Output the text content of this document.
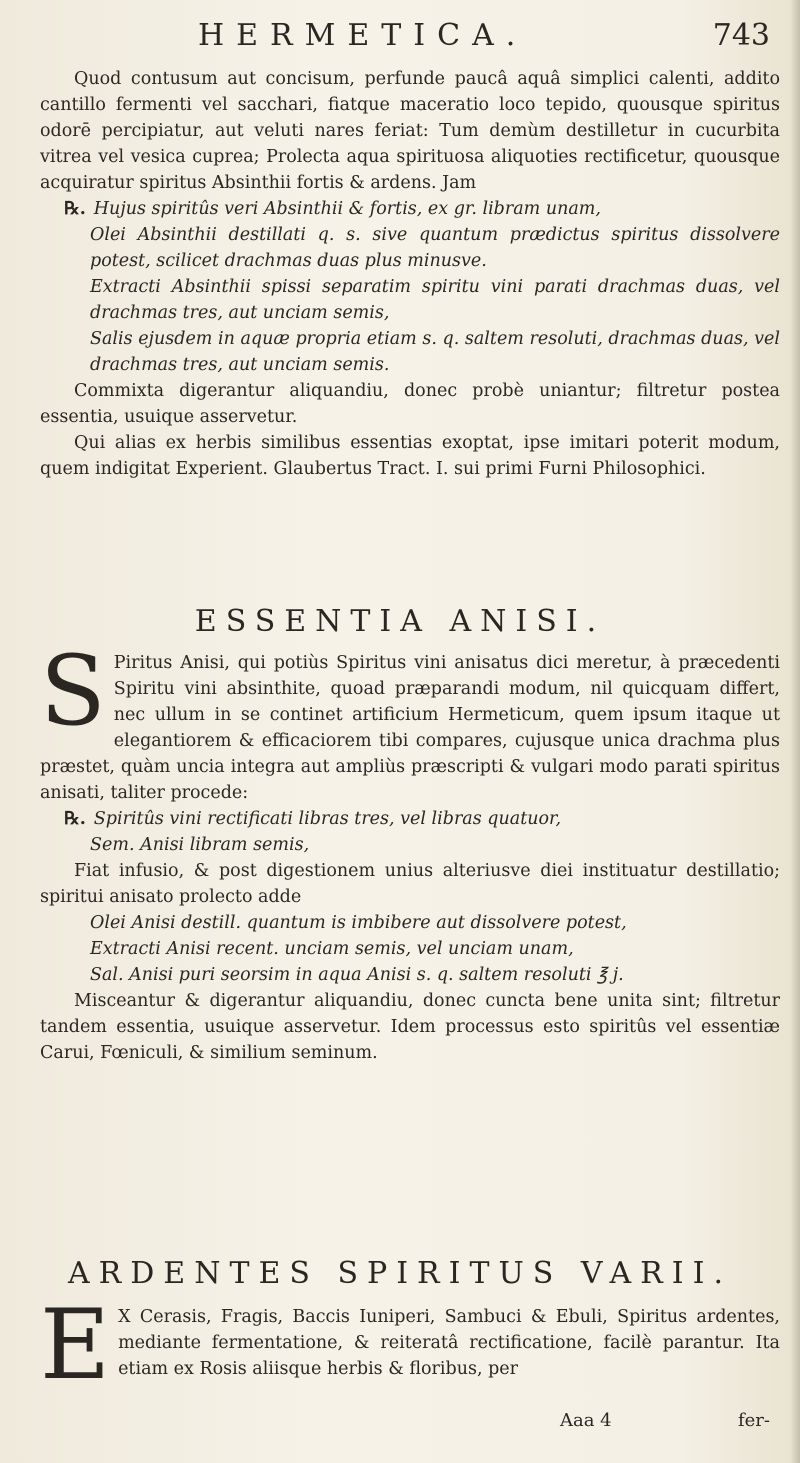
HERMETICA.	743

Quod contusum aut concisum, perfunde paucâ aquâ simplici calenti, addito cantillo fermenti vel sacchari, fiatque maceratio loco tepido, quousque spiritus odorē percipiatur, aut veluti nares feriat: Tum demùm destilletur in cucurbita vitrea vel vesica cuprea; Prolecta aqua spirituosa aliquoties rectificetur, quousque acquiratur spiritus Absinthii fortis & ardens. Jam

℞. Hujus spiritûs veri Absinthii & fortis, ex gr. libram unam,
Olei Absinthii destillati q. s. sive quantum prædictus spiritus dissolvere potest, scilicet drachmas duas plus minusve.
Extracti Absinthii spissi separatim spiritu vini parati drachmas duas, vel drachmas tres, aut unciam semis,
Salis ejusdem in aquæ propria etiam s. q. saltem resoluti, drachmas duas, vel drachmas tres, aut unciam semis.

Commixta digerantur aliquandiu, donec probè uniantur; filtretur postea essentia, usuique asservetur.

Qui alias ex herbis similibus essentias exoptat, ipse imitari poterit modum, quem indigitat Experient. Glaubertus Tract. I. sui primi Furni Philosophici.

ESSENTIA ANISI.

S Piritus Anisi, qui potiùs Spiritus vini anisatus dici meretur, à præcedenti Spiritu vini absinthite, quoad præparandi modum, nil quicquam differt, nec ullum in se continet artificium Hermeticum, quem ipsum itaque ut elegantiorem & efficaciorem tibi compares, cujusque unica drachma plus præstet, quàm uncia integra aut ampliùs præscripti & vulgari modo parati spiritus anisati, taliter procede:

℞. Spiritûs vini rectificati libras tres, vel libras quatuor,
Sem. Anisi libram semis,

Fiat infusio, & post digestionem unius alteriusve diei instituatur destillatio; spiritui anisato prolecto adde

Olei Anisi destill. quantum is imbibere aut dissolvere potest,
Extracti Anisi recent. unciam semis, vel unciam unam,
Sal. Anisi puri seorsim in aqua Anisi s. q. saltem resoluti ℥ j.

Misceantur & digerantur aliquandiu, donec cuncta bene unita sint; filtretur tandem essentia, usuique asservetur. Idem processus esto spiritûs vel essentiæ Carui, Fœniculi, & similium seminum.

ARDENTES SPIRITUS VARII.

E X Cerasis, Fragis, Baccis Iuniperi, Sambuci & Ebuli, Spiritus ardentes, mediante fermentatione, & reiteratâ rectificatione, facilè parantur. Ita etiam ex Rosis aliisque herbis & floribus, per

Aaa 4	fer-
